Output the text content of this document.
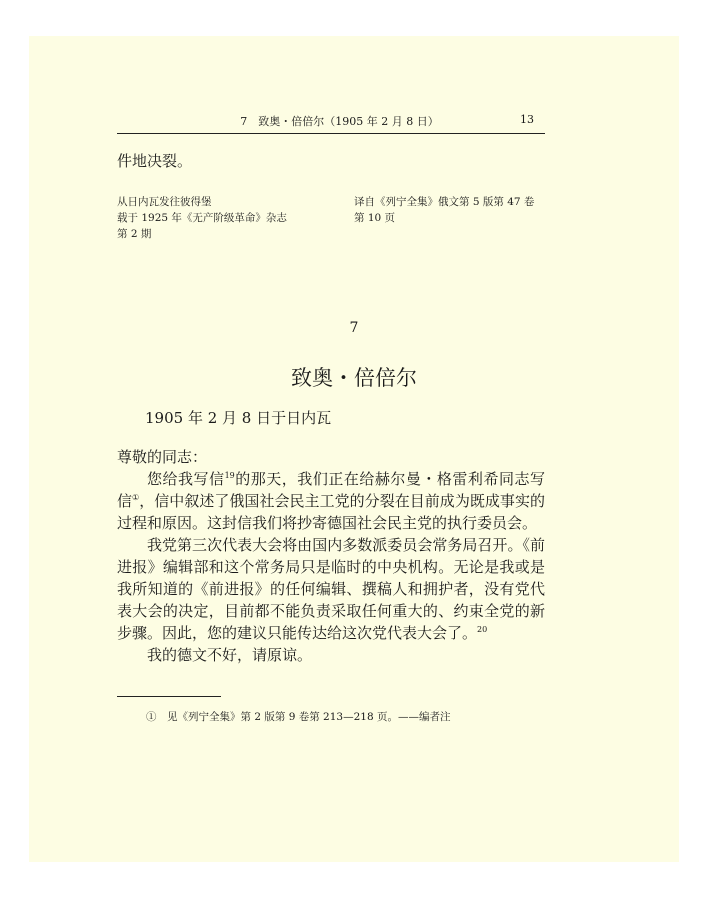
7　致奥・倍倍尔（1905 年 2 月 8 日）	13
件地决裂。
从日内瓦发往彼得堡
载于 1925 年《无产阶级革命》杂志
第 2 期
译自《列宁全集》俄文第 5 版第 47 卷
第 10 页
7
致奥・倍倍尔
1905 年 2 月 8 日于日内瓦

尊敬的同志：

您给我写信$^{19}$的那天，我们正在给赫尔曼・格雷利希同志写信①，信中叙述了俄国社会民主工党的分裂在目前成为既成事实的过程和原因。这封信我们将抄寄德国社会民主党的执行委员会。

我党第三次代表大会将由国内多数派委员会常务局召开。《前进报》编辑部和这个常务局只是临时的中央机构。无论是我或是我所知道的《前进报》的任何编辑、撰稿人和拥护者，没有党代表大会的决定，目前都不能负责采取任何重大的、约束全党的新步骤。因此，您的建议只能传达给这次党代表大会了。$^{20}$

我的德文不好，请原谅。

①　见《列宁全集》第 2 版第 9 卷第 213—218 页。——编者注
